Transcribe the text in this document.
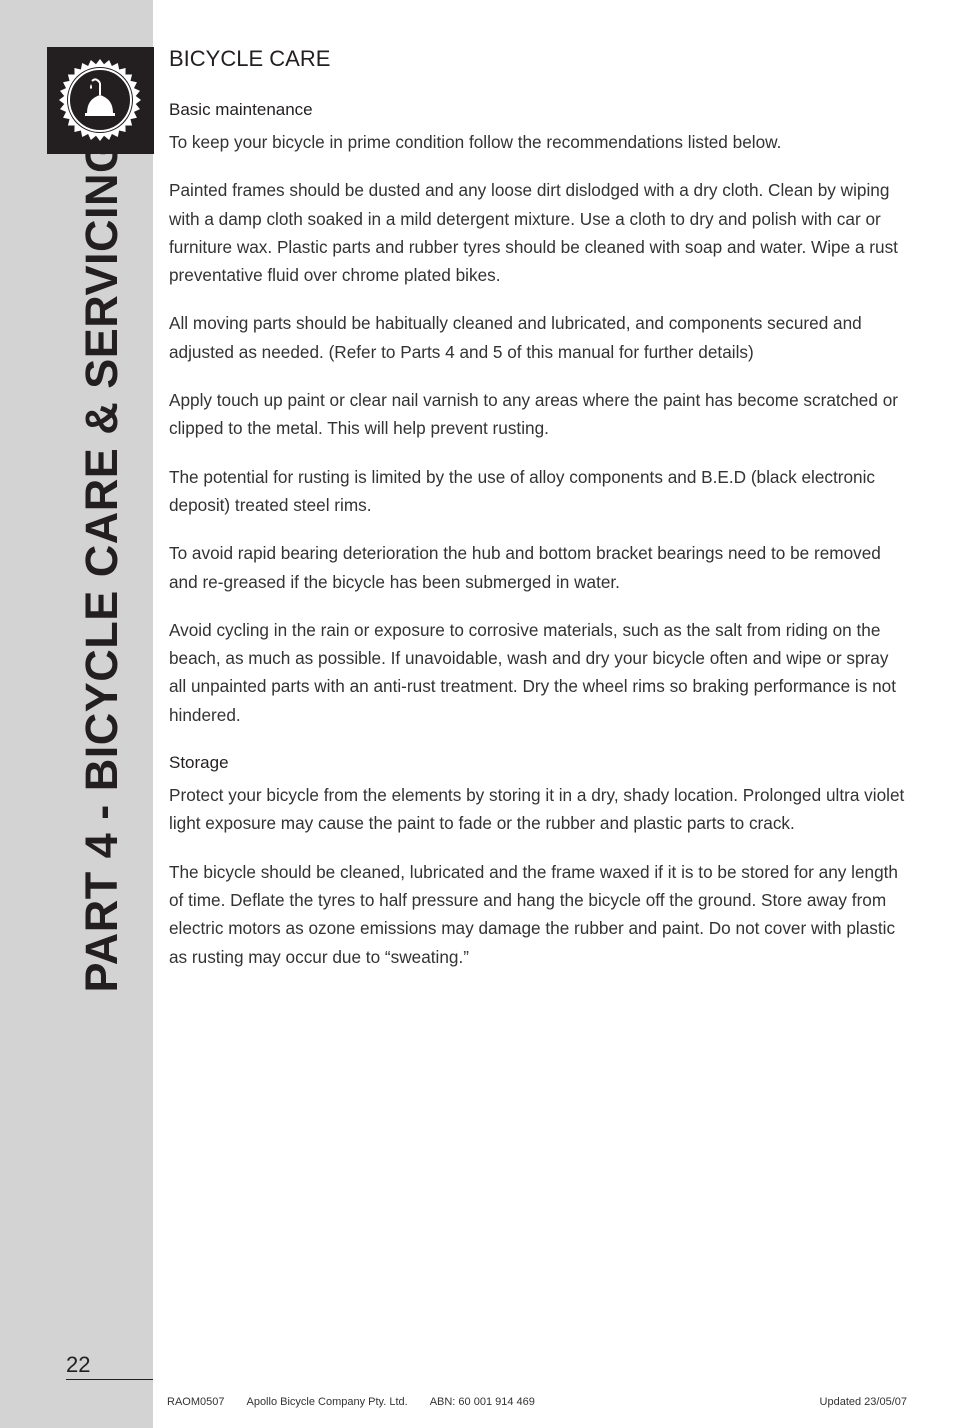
PART 4 - BICYCLE CARE & SERVICING
22
BICYCLE CARE
Basic maintenance

To keep your bicycle in prime condition follow the recommendations listed below.

Painted frames should be dusted and any loose dirt dislodged with a dry cloth. Clean by wiping with a damp cloth soaked in a mild detergent mixture. Use a cloth to dry and polish with car or furniture wax. Plastic parts and rubber tyres should be cleaned with soap and water. Wipe a rust preventative fluid over chrome plated bikes.

All moving parts should be habitually cleaned and lubricated, and components secured and adjusted as needed. (Refer to Parts 4 and 5 of this manual for further details)

Apply touch up paint or clear nail varnish to any areas where the paint has become scratched or clipped to the metal. This will help prevent rusting.

The potential for rusting is limited by the use of alloy components and B.E.D (black electronic deposit) treated steel rims.

To avoid rapid bearing deterioration the hub and bottom bracket bearings need to be removed and re-greased if the bicycle has been submerged in water.

Avoid cycling in the rain or exposure to corrosive materials, such as the salt from riding on the beach, as much as possible. If unavoidable, wash and dry your bicycle often and wipe or spray all unpainted parts with an anti-rust treatment. Dry the wheel rims so braking performance is not hindered.

Storage

Protect your bicycle from the elements by storing it in a dry, shady location. Prolonged ultra violet light exposure may cause the paint to fade or the rubber and plastic parts to crack.

The bicycle should be cleaned, lubricated and the frame waxed if it is to be stored for any length of time. Deflate the tyres to half pressure and hang the bicycle off the ground. Store away from electric motors as ozone emissions may damage the rubber and paint. Do not cover with plastic as rusting may occur due to “sweating.”

RAOM0507 Apollo Bicycle Company Pty. Ltd. ABN: 60 001 914 469	Updated 23/05/07
